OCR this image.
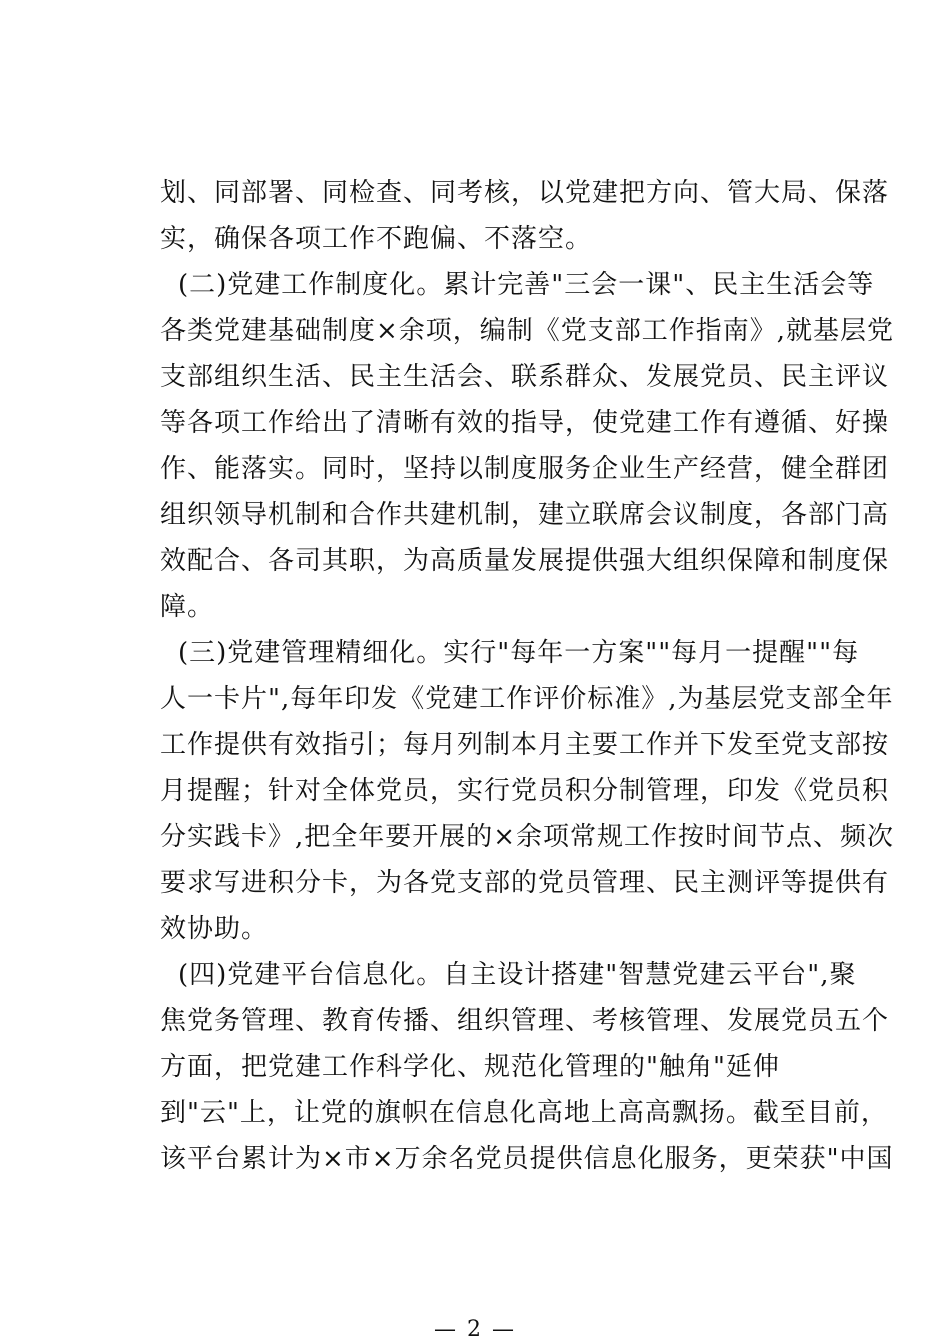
划、同部署、同检查、同考核，以党建把方向、管大局、保落
实，确保各项工作不跑偏、不落空。
(二)党建工作制度化。累计完善"三会一课"、民主生活会等
各类党建基础制度×余项，编制《党支部工作指南》,就基层党
支部组织生活、民主生活会、联系群众、发展党员、民主评议
等各项工作给出了清晰有效的指导，使党建工作有遵循、好操
作、能落实。同时，坚持以制度服务企业生产经营，健全群团
组织领导机制和合作共建机制，建立联席会议制度，各部门高
效配合、各司其职，为高质量发展提供强大组织保障和制度保
障。
(三)党建管理精细化。实行"每年一方案""每月一提醒""每
人一卡片",每年印发《党建工作评价标准》,为基层党支部全年
工作提供有效指引；每月列制本月主要工作并下发至党支部按
月提醒；针对全体党员，实行党员积分制管理，印发《党员积
分实践卡》,把全年要开展的×余项常规工作按时间节点、频次
要求写进积分卡，为各党支部的党员管理、民主测评等提供有
效协助。
(四)党建平台信息化。自主设计搭建"智慧党建云平台",聚
焦党务管理、教育传播、组织管理、考核管理、发展党员五个
方面，把党建工作科学化、规范化管理的"触角"延伸
到"云"上，让党的旗帜在信息化高地上高高飘扬。截至目前，
该平台累计为×市×万余名党员提供信息化服务，更荣获"中国
— 2 —
